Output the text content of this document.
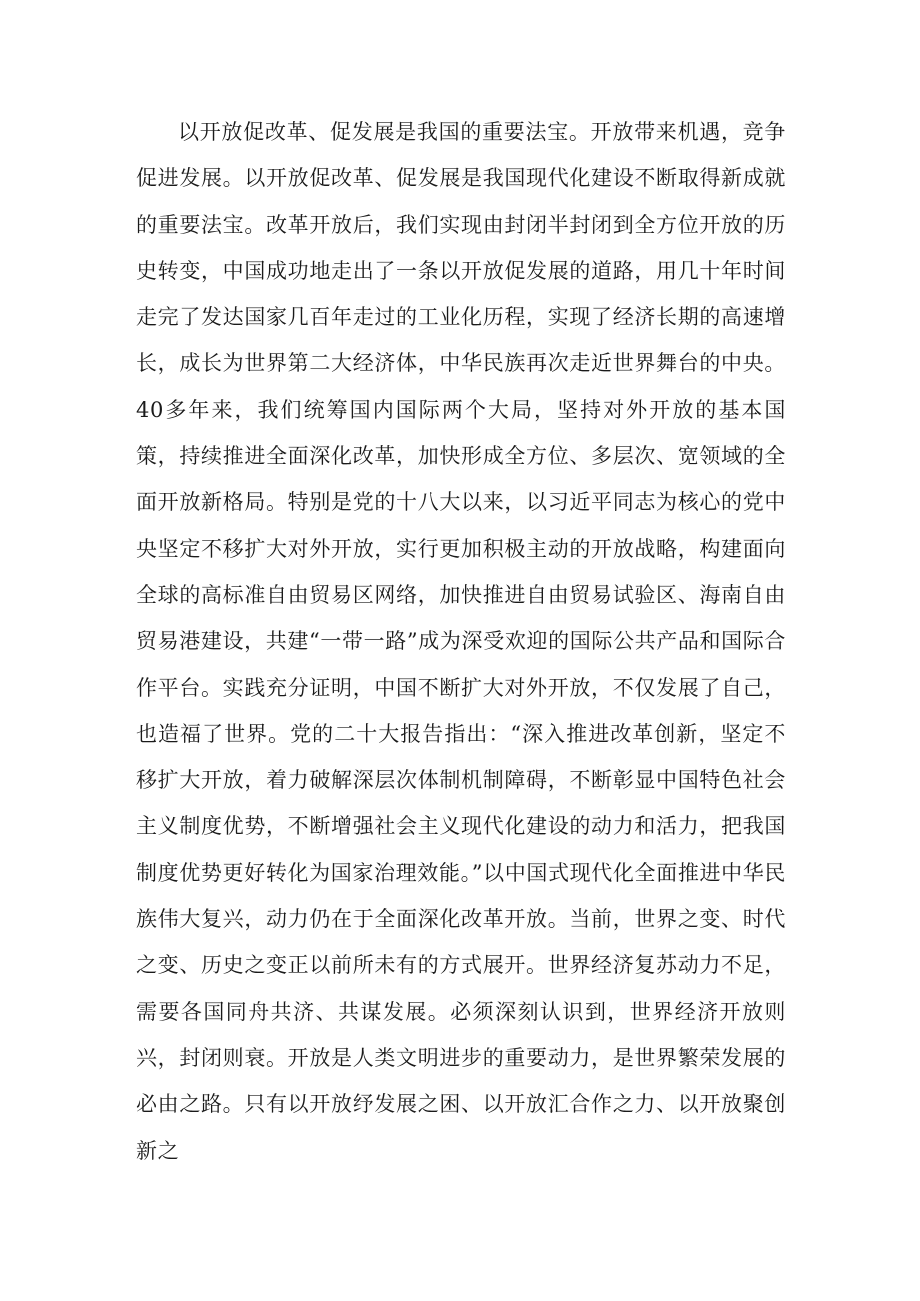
以开放促改革、促发展是我国的重要法宝。开放带来机遇，竞争促进发展。以开放促改革、促发展是我国现代化建设不断取得新成就的重要法宝。改革开放后，我们实现由封闭半封闭到全方位开放的历史转变，中国成功地走出了一条以开放促发展的道路，用几十年时间走完了发达国家几百年走过的工业化历程，实现了经济长期的高速增长，成长为世界第二大经济体，中华民族再次走近世界舞台的中央。40多年来，我们统筹国内国际两个大局，坚持对外开放的基本国策，持续推进全面深化改革，加快形成全方位、多层次、宽领域的全面开放新格局。特别是党的十八大以来，以习近平同志为核心的党中央坚定不移扩大对外开放，实行更加积极主动的开放战略，构建面向全球的高标准自由贸易区网络，加快推进自由贸易试验区、海南自由贸易港建设，共建“一带一路”成为深受欢迎的国际公共产品和国际合作平台。实践充分证明，中国不断扩大对外开放，不仅发展了自己，也造福了世界。党的二十大报告指出：“深入推进改革创新，坚定不移扩大开放，着力破解深层次体制机制障碍，不断彰显中国特色社会主义制度优势，不断增强社会主义现代化建设的动力和活力，把我国制度优势更好转化为国家治理效能。”以中国式现代化全面推进中华民族伟大复兴，动力仍在于全面深化改革开放。当前，世界之变、时代之变、历史之变正以前所未有的方式展开。世界经济复苏动力不足，需要各国同舟共济、共谋发展。必须深刻认识到，世界经济开放则兴，封闭则衰。开放是人类文明进步的重要动力，是世界繁荣发展的必由之路。只有以开放纾发展之困、以开放汇合作之力、以开放聚创新之
